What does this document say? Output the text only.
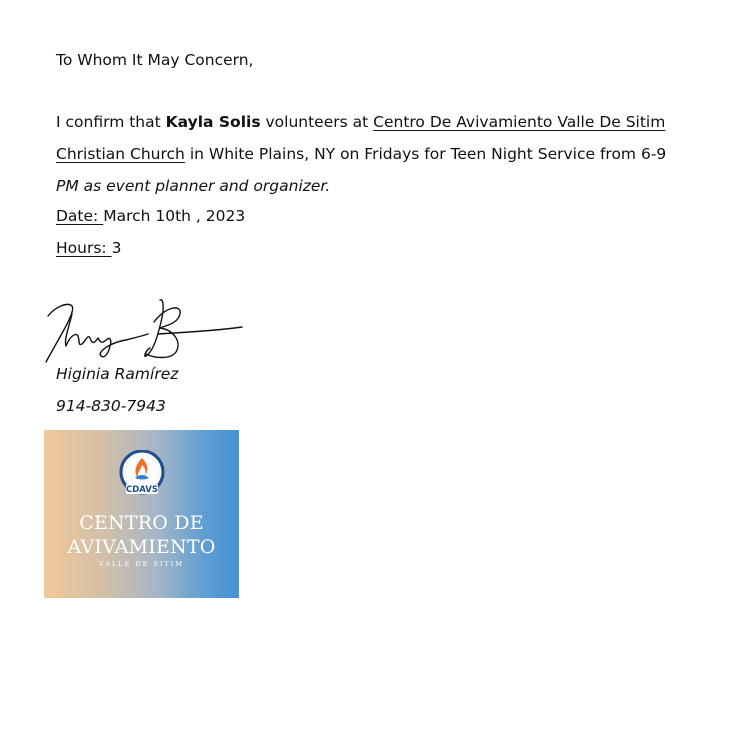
To Whom It May Concern,
I confirm that Kayla Solis volunteers at Centro De Avivamiento Valle De Sitim
Christian Church in White Plains, NY on Fridays for Teen Night Service from 6-9
PM as event planner and organizer.
Date: March 10th , 2023
Hours: 3
Higinia Ramírez
914-830-7943
CDAVS
CENTRO DE
AVIVAMIENTO
VALLE DE SITIM
